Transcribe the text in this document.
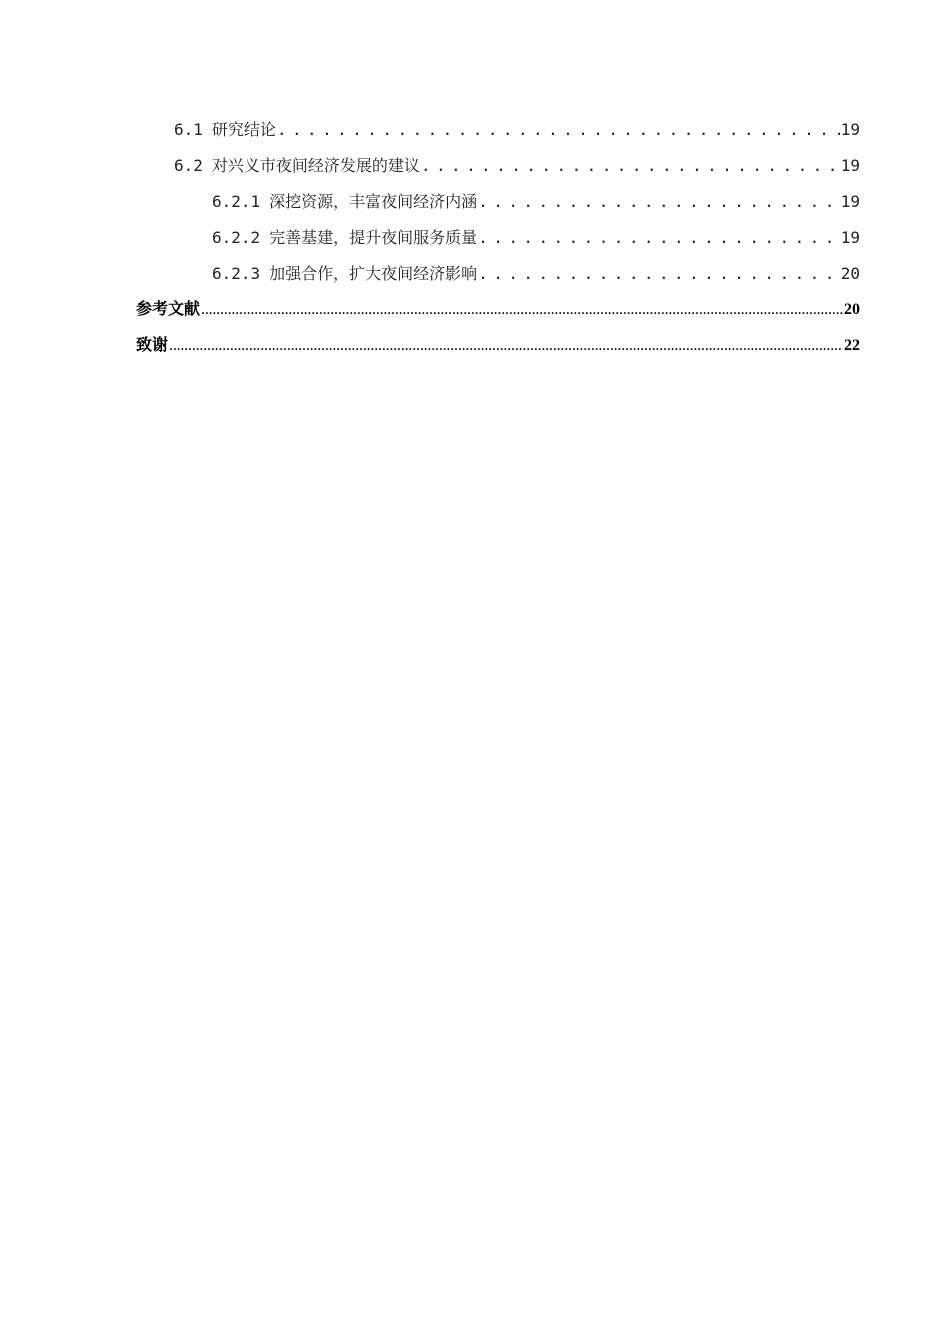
6.1 研究结论 . . .	19
6.2 对兴义市夜间经济发展的建议 . . .	19
6.2.1 深挖资源，丰富夜间经济内涵 . . .	19
6.2.2 完善基建，提升夜间服务质量 . . .	19
6.2.3 加强合作，扩大夜间经济影响 . . .	20
参考文献 .....	20
致谢 .....	22
